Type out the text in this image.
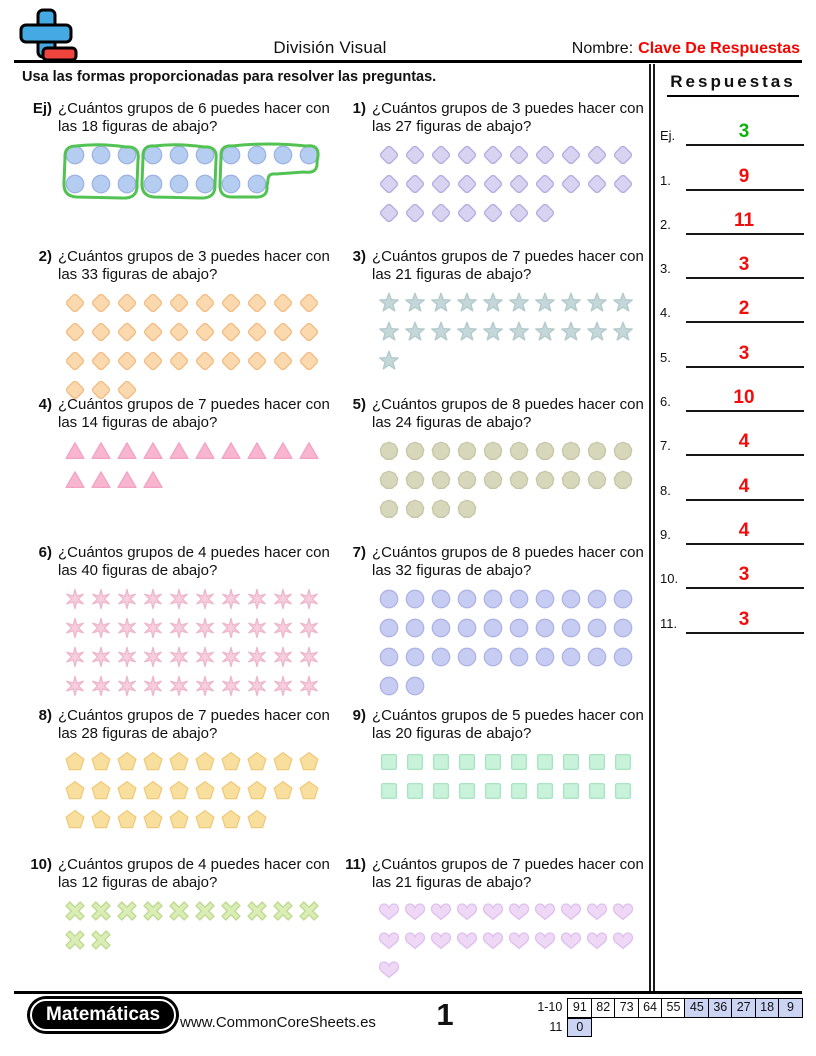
División Visual	Nombre: Clave De Respuestas
Usa las formas proporcionadas para resolver las preguntas.	Respuestas
Ej.	3
1.	9
2.	11
3.	3
4.	2
5.	3
6.	10
7.	4
8.	4
9.	4
10.	3
11.	3
Ej) ¿Cuántos grupos de 6 puedes hacer con las 18 figuras de abajo?
1) ¿Cuántos grupos de 3 puedes hacer con las 27 figuras de abajo?
2) ¿Cuántos grupos de 3 puedes hacer con las 33 figuras de abajo?
3) ¿Cuántos grupos de 7 puedes hacer con las 21 figuras de abajo?
4) ¿Cuántos grupos de 7 puedes hacer con las 14 figuras de abajo?
5) ¿Cuántos grupos de 8 puedes hacer con las 24 figuras de abajo?
6) ¿Cuántos grupos de 4 puedes hacer con las 40 figuras de abajo?
7) ¿Cuántos grupos de 8 puedes hacer con las 32 figuras de abajo?
8) ¿Cuántos grupos de 7 puedes hacer con las 28 figuras de abajo?
9) ¿Cuántos grupos de 5 puedes hacer con las 20 figuras de abajo?
10) ¿Cuántos grupos de 4 puedes hacer con las 12 figuras de abajo?
11) ¿Cuántos grupos de 7 puedes hacer con las 21 figuras de abajo?
Matemáticas	www.CommonCoreSheets.es	1	1-10 91 82 73 64 55 45 36 27 18	9
11	0
